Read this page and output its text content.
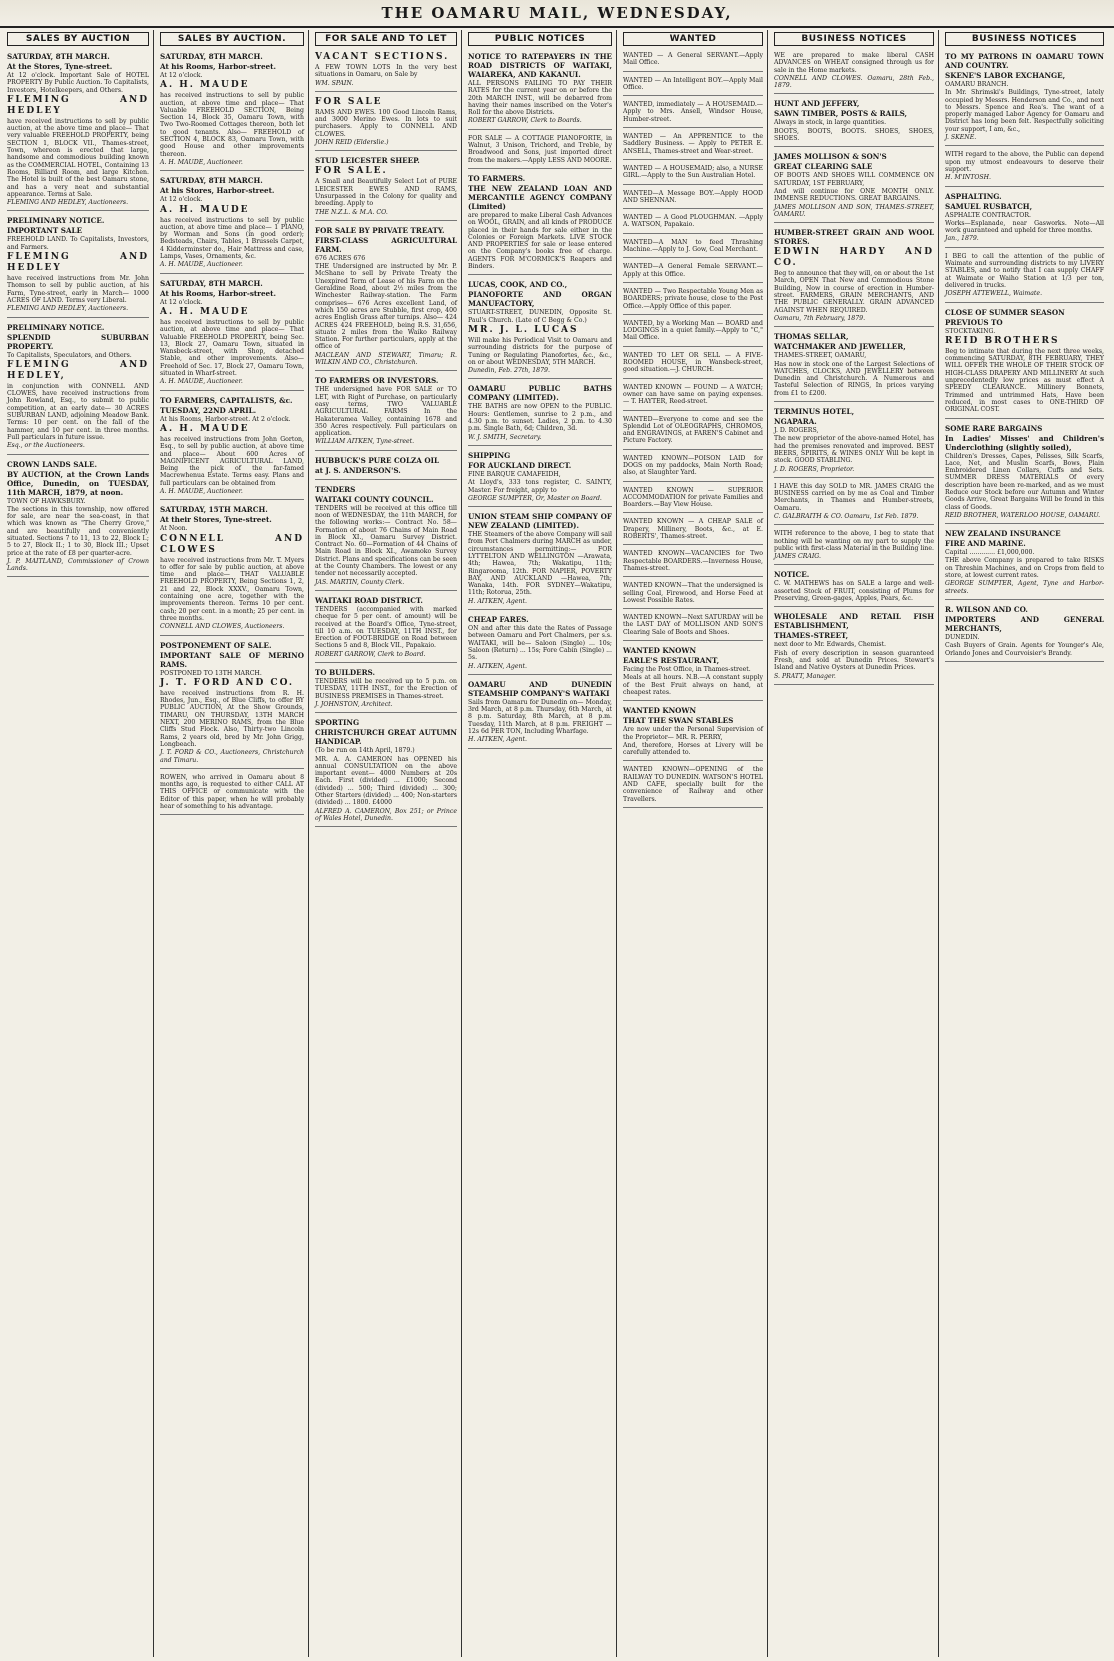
THE OAMARU MAIL, WEDNESDAY,
SALES BY AUCTION

SATURDAY, 8TH MARCH.

At the Stores, Tyne-street.

At 12 o'clock. Important Sale of HOTEL PROPERTY By Public Auction. To Capitalists, Investors, Hotelkeepers, and Others.

FLEMING AND HEDLEY

have received instructions to sell by public auction, at the above time and place— That very valuable FREEHOLD PROPERTY, being SECTION 1, BLOCK VII., Thames-street, Town, whereon is erected that large, handsome and commodious building known as the COMMERCIAL HOTEL, Containing 13 Rooms, Billiard Room, and large Kitchen. The Hotel is built of the best Oamaru stone, and has a very neat and substantial appearance. Terms at Sale.

FLEMING AND HEDLEY, Auctioneers.

PRELIMINARY NOTICE.

IMPORTANT SALE

FREEHOLD LAND. To Capitalists, Investors, and Farmers.

FLEMING AND HEDLEY

have received instructions from Mr. John Thomson to sell by public auction, at his Farm, Tyne-street, early in March— 1000 ACRES OF LAND. Terms very Liberal.

FLEMING AND HEDLEY, Auctioneers.

PRELIMINARY NOTICE.

SPLENDID SUBURBAN PROPERTY.

To Capitalists, Speculators, and Others.

FLEMING AND HEDLEY,

in conjunction with CONNELL AND CLOWES, have received instructions from John Rowland, Esq., to submit to public competition, at an early date— 30 ACRES SUBURBAN LAND, adjoining Meadow Bank. Terms: 10 per cent. on the fall of the hammer, and 10 per cent. in three months. Full particulars in future issue.

Esq., or the Auctioneers.

CROWN LANDS SALE.

BY AUCTION, at the Crown Lands Office, Dunedin, on TUESDAY, 11th MARCH, 1879, at noon.

TOWN OF HAWKSBURY.

The sections in this township, now offered for sale, are near the sea-coast, in that which was known as "The Cherry Grove," and are beautifully and conveniently situated. Sections 7 to 11, 13 to 22, Block I.; 5 to 27, Block II.; 1 to 30, Block III.; Upset price at the rate of £8 per quarter-acre.

J. P. MAITLAND, Commissioner of Crown Lands.

SALES BY AUCTION.

SATURDAY, 8TH MARCH.

At his Rooms, Harbor-street.

At 12 o'clock.

A. H. MAUDE

has received instructions to sell by public auction, at above time and place— That Valuable FREEHOLD SECTION, Being Section 14, Block 35, Oamaru Town, with Two Two-Roomed Cottages thereon, both let to good tenants. Also— FREEHOLD of SECTION 4, BLOCK 83, Oamaru Town, with good House and other improvements thereon.

A. H. MAUDE, Auctioneer.

SATURDAY, 8TH MARCH.

At his Stores, Harbor-street.

At 12 o'clock.

A. H. MAUDE

has received instructions to sell by public auction, at above time and place— 1 PIANO, by Worman and Sons (in good order); Bedsteads, Chairs, Tables, 1 Brussels Carpet, 4 Kidderminster do., Hair Mattress and case, Lamps, Vases, Ornaments, &c.

A. H. MAUDE, Auctioneer.

SATURDAY, 8TH MARCH.

At his Rooms, Harbor-street.

At 12 o'clock.

A. H. MAUDE

has received instructions to sell by public auction, at above time and place— That Valuable FREEHOLD PROPERTY, being Sec. 13, Block 27, Oamaru Town, situated in Wansbeck-street, with Shop, detached Stable, and other improvements. Also— Freehold of Sec. 17, Block 27, Oamaru Town, situated in Wharf-street.

A. H. MAUDE, Auctioneer.

TO FARMERS, CAPITALISTS, &c.

TUESDAY, 22ND APRIL.

At his Rooms, Harbor-street. At 2 o'clock.

A. H. MAUDE

has received instructions from John Gorton, Esq., to sell by public auction, at above time and place— About 600 Acres of MAGNIFICENT AGRICULTURAL LAND, Being the pick of the far-famed Macrewhenua Estate. Terms easy. Plans and full particulars can be obtained from

A. H. MAUDE, Auctioneer.

SATURDAY, 15TH MARCH.

At their Stores, Tyne-street.

At Noon.

CONNELL AND CLOWES

have received instructions from Mr. T. Myers to offer for sale by public auction, at above time and place— THAT VALUABLE FREEHOLD PROPERTY, Being Sections 1, 2, 21 and 22, Block XXXV., Oamaru Town, containing one acre, together with the improvements thereon. Terms 10 per cent. cash; 20 per cent. in a month; 25 per cent. in three months.

CONNELL AND CLOWES, Auctioneers.

POSTPONEMENT OF SALE.

IMPORTANT SALE OF MERINO RAMS.

POSTPONED TO 13TH MARCH.

J. T. FORD AND CO.

have received instructions from R. H. Rhodes, Jun., Esq., of Blue Cliffs, to offer BY PUBLIC AUCTION, At the Show Grounds, TIMARU, ON THURSDAY, 13TH MARCH NEXT, 200 MERINO RAMS, from the Blue Cliffs Stud Flock. Also, Thirty-two Lincoln Rams, 2 years old, bred by Mr. John Grigg, Longbeach.

J. T. FORD & CO., Auctioneers, Christchurch and Timaru.

ROWEN, who arrived in Oamaru about 8 months ago, is requested to either CALL AT THIS OFFICE or communicate with the Editor of this paper, when he will probably hear of something to his advantage.

FOR SALE AND TO LET

VACANT SECTIONS.

A FEW TOWN LOTS In the very best situations in Oamaru, on Sale by

WM. SPAIN.

FOR SALE

RAMS AND EWES. 100 Good Lincoln Rams, and 3000 Merino Ewes. In lots to suit purchasers. Apply to CONNELL AND CLOWES.

JOHN REID (Elderslie.)

STUD LEICESTER SHEEP.

FOR SALE.

A Small and Beautifully Select Lot of PURE LEICESTER EWES AND RAMS, Unsurpassed in the Colony for quality and breeding. Apply to

THE N.Z.L. & M.A. CO.

FOR SALE BY PRIVATE TREATY.

FIRST-CLASS AGRICULTURAL FARM.

676 ACRES 676

THE Undersigned are instructed by Mr. P. McShane to sell by Private Treaty the Unexpired Term of Lease of his Farm on the Geraldine Road, about 2½ miles from the Winchester Railway-station. The Farm comprises— 676 Acres excellent Land, of which 150 acres are Stubble, first crop, 400 acres English Grass after turnips. Also— 424 ACRES 424 FREEHOLD, being R.S. 31,656, situate 2 miles from the Waiko Railway Station. For further particulars, apply at the office of

MACLEAN AND STEWART, Timaru; R. WILKIN AND CO., Christchurch.

TO FARMERS OR INVESTORS.

THE undersigned have FOR SALE or TO LET, with Right of Purchase, on particularly easy terms, TWO VALUABLE AGRICULTURAL FARMS In the Hakateramea Valley, containing 1678 and 350 Acres respectively. Full particulars on application.

WILLIAM AITKEN, Tyne-street.

HUBBUCK'S PURE COLZA OIL

at J. S. ANDERSON'S.

TENDERS

WAITAKI COUNTY COUNCIL.

TENDERS will be received at this office till noon of WEDNESDAY, the 11th MARCH, for the following works:— Contract No. 58—Formation of about 76 Chains of Main Road in Block XI., Oamaru Survey District. Contract No. 60—Formation of 44 Chains of Main Road in Block XI., Awamoko Survey District. Plans and specifications can be seen at the County Chambers. The lowest or any tender not necessarily accepted.

JAS. MARTIN, County Clerk.

WAITAKI ROAD DISTRICT.

TENDERS (accompanied with marked cheque for 5 per cent. of amount) will be received at the Board's Office, Tyne-street, till 10 a.m. on TUESDAY, 11TH INST., for Erection of FOOT-BRIDGE on Road between Sections 5 and 8, Block VII., Papakaio.

ROBERT GARROW, Clerk to Board.

TO BUILDERS.

TENDERS will be received up to 5 p.m. on TUESDAY, 11TH INST., for the Erection of BUSINESS PREMISES in Thames-street.

J. JOHNSTON, Architect.

SPORTING

CHRISTCHURCH GREAT AUTUMN HANDICAP.

(To be run on 14th April, 1879.)

MR. A. A. CAMERON has OPENED his annual CONSULTATION on the above important event— 4000 Numbers at 20s Each. First (divided) ... £1000; Second (divided) ... 500; Third (divided) ... 300; Other Starters (divided) ... 400; Non-starters (divided) ... 1800. £4000

ALFRED A. CAMERON, Box 251; or Prince of Wales Hotel, Dunedin.

PUBLIC NOTICES

NOTICE TO RATEPAYERS IN THE ROAD DISTRICTS OF WAITAKI, WAIAREKA, AND KAKANUI.

ALL PERSONS FAILING TO PAY THEIR RATES for the current year on or before the 20th MARCH INST., will be debarred from having their names inscribed on the Voter's Roll for the above Districts.

ROBERT GARROW, Clerk to Boards.

FOR SALE — A COTTAGE PIANOFORTE, in Walnut, 3 Unison, Trichord, and Treble, by Broadwood and Sons, just imported direct from the makers.—Apply LESS AND MOORE.

TO FARMERS.

THE NEW ZEALAND LOAN AND MERCANTILE AGENCY COMPANY (Limited)

are prepared to make Liberal Cash Advances on WOOL, GRAIN, and all kinds of PRODUCE placed in their hands for sale either in the Colonies or Foreign Markets. LIVE STOCK AND PROPERTIES for sale or lease entered on the Company's books free of charge. AGENTS FOR M'CORMICK'S Reapers and Binders.

LUCAS, COOK, AND CO.,

PIANOFORTE AND ORGAN MANUFACTORY,

STUART-STREET, DUNEDIN, Opposite St. Paul's Church. (Late of C Begg & Co.)

MR. J. L. LUCAS

Will make his Periodical Visit to Oamaru and surrounding districts for the purpose of Tuning or Regulating Pianofortes, &c., &c., on or about WEDNESDAY, 5TH MARCH.

Dunedin, Feb. 27th, 1879.

OAMARU PUBLIC BATHS COMPANY (LIMITED).

THE BATHS are now OPEN to the PUBLIC. Hours: Gentlemen, sunrise to 2 p.m., and 4.30 p.m. to sunset. Ladies, 2 p.m. to 4.30 p.m. Single Bath, 6d; Children, 3d.

W. J. SMITH, Secretary.

SHIPPING

FOR AUCKLAND DIRECT.

FINE BARQUE CAMAFEIDH,

At Lloyd's, 333 tons register, C. SAINTY, Master. For freight, apply to

GEORGE SUMPTER, Or, Master on Board.

UNION STEAM SHIP COMPANY OF NEW ZEALAND (LIMITED).

THE Steamers of the above Company will sail from Port Chalmers during MARCH as under, circumstances permitting:— FOR LYTTELTON AND WELLINGTON —Arawata, 4th; Hawea, 7th; Wakatipu, 11th; Ringarooma, 12th. FOR NAPIER, POVERTY BAY, AND AUCKLAND —Hawea, 7th; Wanaka, 14th. FOR SYDNEY—Wakatipu, 11th; Rotorua, 25th.

H. AITKEN, Agent.

CHEAP FARES.

ON and after this date the Rates of Passage between Oamaru and Port Chalmers, per s.s. WAITAKI, will be— Saloon (Single) ... 10s; Saloon (Return) ... 15s; Fore Cabin (Single) ... 5s.

H. AITKEN, Agent.

OAMARU AND DUNEDIN STEAMSHIP COMPANY'S WAITAKI

Sails from Oamaru for Dunedin on— Monday, 3rd March, at 8 p.m. Thursday, 6th March, at 8 p.m. Saturday, 8th March, at 8 p.m. Tuesday, 11th March, at 8 p.m. FREIGHT — 12s 6d PER TON, Including Wharfage.

H. AITKEN, Agent.

WANTED

WANTED — A General SERVANT.—Apply Mail Office.

WANTED — An Intelligent BOY.—Apply Mail Office.

WANTED, immediately — A HOUSEMAID.—Apply to Mrs. Ansell, Windsor House, Humber-street.

WANTED — An APPRENTICE to the Saddlery Business. — Apply to PETER E. ANSELL, Thames-street and Wear-street.

WANTED — A HOUSEMAID; also, a NURSE GIRL.—Apply to the Sun Australian Hotel.

WANTED—A Message BOY.—Apply HOOD AND SHENNAN.

WANTED — A Good PLOUGHMAN. —Apply A. WATSON, Papakaio.

WANTED—A MAN to feed Thrashing Machine.—Apply to J. Gow, Coal Merchant.

WANTED—A General Female SERVANT.—Apply at this Office.

WANTED — Two Respectable Young Men as BOARDERS; private house, close to the Post Office.—Apply Office of this paper.

WANTED, by a Working Man — BOARD and LODGINGS in a quiet family.—Apply to "C," Mail Office.

WANTED TO LET OR SELL — A FIVE-ROOMED HOUSE, in Wansbeck-street, good situation.—J. CHURCH.

WANTED KNOWN — FOUND — A WATCH; owner can have same on paying expenses. — T. HAYTER, Reed-street.

WANTED—Everyone to come and see the Splendid Lot of OLEOGRAPHS, CHROMOS, and ENGRAVINGS, at FAREN'S Cabinet and Picture Factory.

WANTED KNOWN—POISON LAID for DOGS on my paddocks, Main North Road; also, at Slaughter Yard.

WANTED KNOWN — SUPERIOR ACCOMMODATION for private Families and Boarders.—Bay View House.

WANTED KNOWN — A CHEAP SALE of Drapery, Millinery, Boots, &c., at E. ROBERTS', Thames-street.

WANTED KNOWN—VACANCIES for Two Respectable BOARDERS.—Inverness House, Thames-street.

WANTED KNOWN—That the undersigned is selling Coal, Firewood, and Horse Feed at Lowest Possible Rates.

WANTED KNOWN—Next SATURDAY will be the LAST DAY of MOLLISON AND SON'S Clearing Sale of Boots and Shoes.

WANTED KNOWN

EARLE'S RESTAURANT,

Facing the Post Office, in Thames-street.

Meals at all hours. N.B.—A constant supply of the Best Fruit always on hand, at cheapest rates.

WANTED KNOWN

THAT THE SWAN STABLES

Are now under the Personal Supervision of the Proprietor— MR. R. PERRY,

And, therefore, Horses at Livery will be carefully attended to.

WANTED KNOWN—OPENING of the RAILWAY TO DUNEDIN. WATSON'S HOTEL AND CAFE, specially built for the convenience of Railway and other Travellers.

BUSINESS NOTICES

WE are prepared to make liberal CASH ADVANCES on WHEAT consigned through us for sale in the Home markets.

CONNELL AND CLOWES. Oamaru, 28th Feb., 1879.

HUNT AND JEFFERY,

SAWN TIMBER, POSTS & RAILS,

Always in stock, in large quantities.

BOOTS, BOOTS, BOOTS. SHOES, SHOES, SHOES.

JAMES MOLLISON & SON'S

GREAT CLEARING SALE

OF BOOTS AND SHOES WILL COMMENCE ON SATURDAY, 1ST FEBRUARY,

And will continue for ONE MONTH ONLY. IMMENSE REDUCTIONS. GREAT BARGAINS.

JAMES MOLLISON AND SON, THAMES-STREET, OAMARU.

HUMBER-STREET GRAIN AND WOOL STORES.

EDWIN HARDY AND CO.

Beg to announce that they will, on or about the 1st March, OPEN That New and Commodious Stone Building, Now in course of erection in Humber-street. FARMERS, GRAIN MERCHANTS, AND THE PUBLIC GENERALLY. GRAIN ADVANCED AGAINST WHEN REQUIRED.

Oamaru, 7th February, 1879.

THOMAS SELLAR,

WATCHMAKER AND JEWELLER,

THAMES-STREET, OAMARU,

Has now in stock one of the Largest Selections of WATCHES, CLOCKS, AND JEWELLERY between Dunedin and Christchurch. A Numerous and Tasteful Selection of RINGS, In prices varying from £1 to £200.

TERMINUS HOTEL,

NGAPARA.

J. D. ROGERS,

The new proprietor of the above-named Hotel, has had the premises renovated and improved. BEST BEERS, SPIRITS, & WINES ONLY Will be kept in stock. GOOD STABLING.

J. D. ROGERS, Proprietor.

I HAVE this day SOLD to MR. JAMES CRAIG the BUSINESS carried on by me as Coal and Timber Merchants, in Thames and Humber-streets, Oamaru.

C. GALBRAITH & CO. Oamaru, 1st Feb. 1879.

WITH reference to the above, I beg to state that nothing will be wanting on my part to supply the public with first-class Material in the Building line.

JAMES CRAIG.

NOTICE.

C. W. MATHEWS has on SALE a large and well-assorted Stock of FRUIT, consisting of Plums for Preserving, Green-gages, Apples, Pears, &c.

WHOLESALE AND RETAIL FISH ESTABLISHMENT,

THAMES-STREET,

next door to Mr. Edwards, Chemist.

Fish of every description in season guaranteed Fresh, and sold at Dunedin Prices. Stewart's Island and Native Oysters at Dunedin Prices.

S. PRATT, Manager.

BUSINESS NOTICES

TO MY PATRONS IN OAMARU TOWN AND COUNTRY.

SKENE'S LABOR EXCHANGE,

OAMARU BRANCH.

In Mr. Shrimski's Buildings, Tyne-street, lately occupied by Messrs. Henderson and Co., and next to Messrs. Spence and Rea's. The want of a properly managed Labor Agency for Oamaru and District has long been felt. Respectfully soliciting your support, I am, &c.,

J. SKENE.

WITH regard to the above, the Public can depend upon my utmost endeavours to deserve their support.

H. M'INTOSH.

ASPHALTING.

SAMUEL RUSBATCH,

ASPHALTE CONTRACTOR.

Works—Esplanade, near Gasworks. Note—All work guaranteed and upheld for three months.

Jan., 1879.

I BEG to call the attention of the public of Waimate and surrounding districts to my LIVERY STABLES, and to notify that I can supply CHAFF at Waimate or Waiho Station at 1/3 per ton, delivered in trucks.

JOSEPH ATTEWELL, Waimate.

CLOSE OF SUMMER SEASON

PREVIOUS TO

STOCKTAKING.

REID BROTHERS

Beg to intimate that during the next three weeks, commencing SATURDAY, 8TH FEBRUARY, THEY WILL OFFER THE WHOLE OF THEIR STOCK OF HIGH-CLASS DRAPERY AND MILLINERY At such unprecedentedly low prices as must effect A SPEEDY CLEARANCE. Millinery Bonnets, Trimmed and untrimmed Hats, Have been reduced, in most cases to ONE-THIRD OF ORIGINAL COST.

SOME RARE BARGAINS

In Ladies' Misses' and Children's Underclothing (slightly soiled),

Children's Dresses, Capes, Pelisses, Silk Scarfs, Lace, Net, and Muslin Scarfs, Bows, Plain Embroidered Linen Collars, Cuffs and Sets. SUMMER DRESS MATERIALS Of every description have been re-marked, and as we must Reduce our Stock before our Autumn and Winter Goods Arrive, Great Bargains Will be found in this class of Goods.

REID BROTHER, WATERLOO HOUSE, OAMARU.

NEW ZEALAND INSURANCE

FIRE AND MARINE.

Capital ............. £1,000,000.

THE above Company is prepared to take RISKS on Threshin Machines, and on Crops from field to store, at lowest current rates.

GEORGE SUMPTER, Agent, Tyne and Harbor-streets.

R. WILSON AND CO.

IMPORTERS AND GENERAL MERCHANTS,

DUNEDIN.

Cash Buyers of Grain. Agents for Younger's Ale, Orlando Jones and Courvoisier's Brandy.
